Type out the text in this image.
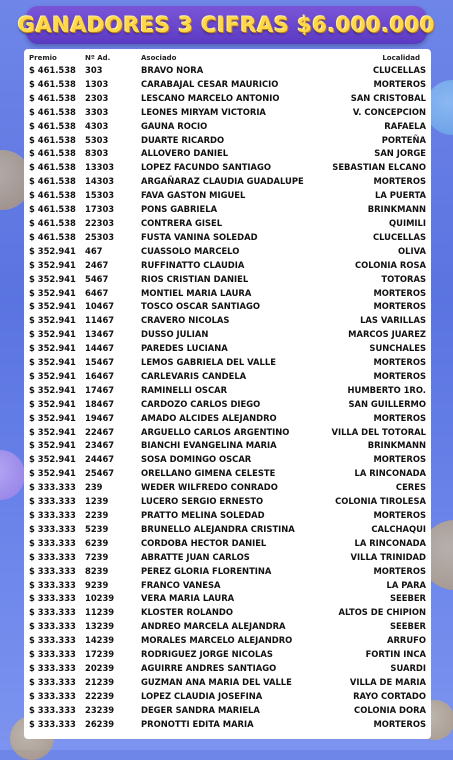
GANADORES 3 CIFRAS $6.000.000
Premio	Nº Ad.	Asociado	Localidad
$ 461.538	303	BRAVO NORA	CLUCELLAS
$ 461.538	1303	CARABAJAL CESAR MAURICIO	MORTEROS
$ 461.538	2303	LESCANO MARCELO ANTONIO	SAN CRISTOBAL
$ 461.538	3303	LEONES MIRYAM VICTORIA	V. CONCEPCION
$ 461.538	4303	GAUNA ROCIO	RAFAELA
$ 461.538	5303	DUARTE RICARDO	PORTEÑA
$ 461.538	8303	ALLOVERO DANIEL	SAN JORGE
$ 461.538	13303	LOPEZ FACUNDO SANTIAGO	SEBASTIAN ELCANO
$ 461.538	14303	ARGAÑARAZ CLAUDIA GUADALUPE	MORTEROS
$ 461.538	15303	FAVA GASTON MIGUEL	LA PUERTA
$ 461.538	17303	PONS GABRIELA	BRINKMANN
$ 461.538	22303	CONTRERA GISEL	QUIMILI
$ 461.538	25303	FUSTA VANINA SOLEDAD	CLUCELLAS
$ 352.941	467	CUASSOLO MARCELO	OLIVA
$ 352.941	2467	RUFFINATTO CLAUDIA	COLONIA ROSA
$ 352.941	5467	RIOS CRISTIAN DANIEL	TOTORAS
$ 352.941	6467	MONTIEL MARIA LAURA	MORTEROS
$ 352.941	10467	TOSCO OSCAR SANTIAGO	MORTEROS
$ 352.941	11467	CRAVERO NICOLAS	LAS VARILLAS
$ 352.941	13467	DUSSO JULIAN	MARCOS JUAREZ
$ 352.941	14467	PAREDES LUCIANA	SUNCHALES
$ 352.941	15467	LEMOS GABRIELA DEL VALLE	MORTEROS
$ 352.941	16467	CARLEVARIS CANDELA	MORTEROS
$ 352.941	17467	RAMINELLI OSCAR	HUMBERTO 1RO.
$ 352.941	18467	CARDOZO CARLOS DIEGO	SAN GUILLERMO
$ 352.941	19467	AMADO ALCIDES ALEJANDRO	MORTEROS
$ 352.941	22467	ARGUELLO CARLOS ARGENTINO	VILLA DEL TOTORAL
$ 352.941	23467	BIANCHI EVANGELINA MARIA	BRINKMANN
$ 352.941	24467	SOSA DOMINGO OSCAR	MORTEROS
$ 352.941	25467	ORELLANO GIMENA CELESTE	LA RINCONADA
$ 333.333	239	WEDER WILFREDO CONRADO	CERES
$ 333.333	1239	LUCERO SERGIO ERNESTO	COLONIA TIROLESA
$ 333.333	2239	PRATTO MELINA SOLEDAD	MORTEROS
$ 333.333	5239	BRUNELLO ALEJANDRA CRISTINA	CALCHAQUI
$ 333.333	6239	CORDOBA HECTOR DANIEL	LA RINCONADA
$ 333.333	7239	ABRATTE JUAN CARLOS	VILLA TRINIDAD
$ 333.333	8239	PEREZ GLORIA FLORENTINA	MORTEROS
$ 333.333	9239	FRANCO VANESA	LA PARA
$ 333.333	10239	VERA MARIA LAURA	SEEBER
$ 333.333	11239	KLOSTER ROLANDO	ALTOS DE CHIPION
$ 333.333	13239	ANDREO MARCELA ALEJANDRA	SEEBER
$ 333.333	14239	MORALES MARCELO ALEJANDRO	ARRUFO
$ 333.333	17239	RODRIGUEZ JORGE NICOLAS	FORTIN INCA
$ 333.333	20239	AGUIRRE ANDRES SANTIAGO	SUARDI
$ 333.333	21239	GUZMAN ANA MARIA DEL VALLE	VILLA DE MARIA
$ 333.333	22239	LOPEZ CLAUDIA JOSEFINA	RAYO CORTADO
$ 333.333	23239	DEGER SANDRA MARIELA	COLONIA DORA
$ 333.333	26239	PRONOTTI EDITA MARIA	MORTEROS
